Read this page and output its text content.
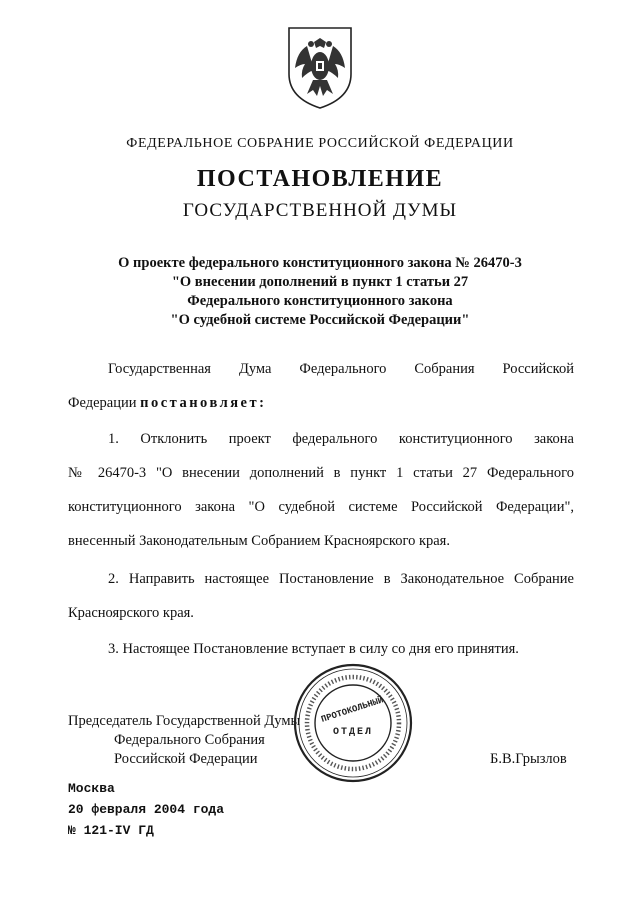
ФЕДЕРАЛЬНОЕ СОБРАНИЕ РОССИЙСКОЙ ФЕДЕРАЦИИ
ПОСТАНОВЛЕНИЕ
ГОСУДАРСТВЕННОЙ ДУМЫ
О проекте федерального конституционного закона № 26470-3
"О внесении дополнений в пункт 1 статьи 27
Федерального конституционного закона
"О судебной системе Российской Федерации"
Государственная Дума Федерального Собрания Российской
Федерации постановляет:
1. Отклонить проект федерального конституционного закона
№ 26470-3 "О внесении дополнений в пункт 1 статьи 27 Федерального
конституционного закона "О судебной системе Российской Федерации",
внесенный Законодательным Собранием Красноярского края.
2. Направить настоящее Постановление в Законодательное Собрание
Красноярского края.
3. Настоящее Постановление вступает в силу со дня его принятия.
Председатель Государственной Думы
Федерального Собрания
Российской Федерации	Б.В.Грызлов
ПРОТОКОЛЬНЫЙ
ОТДЕЛ
Москва
20 февраля 2004 года
№ 121-IV ГД
